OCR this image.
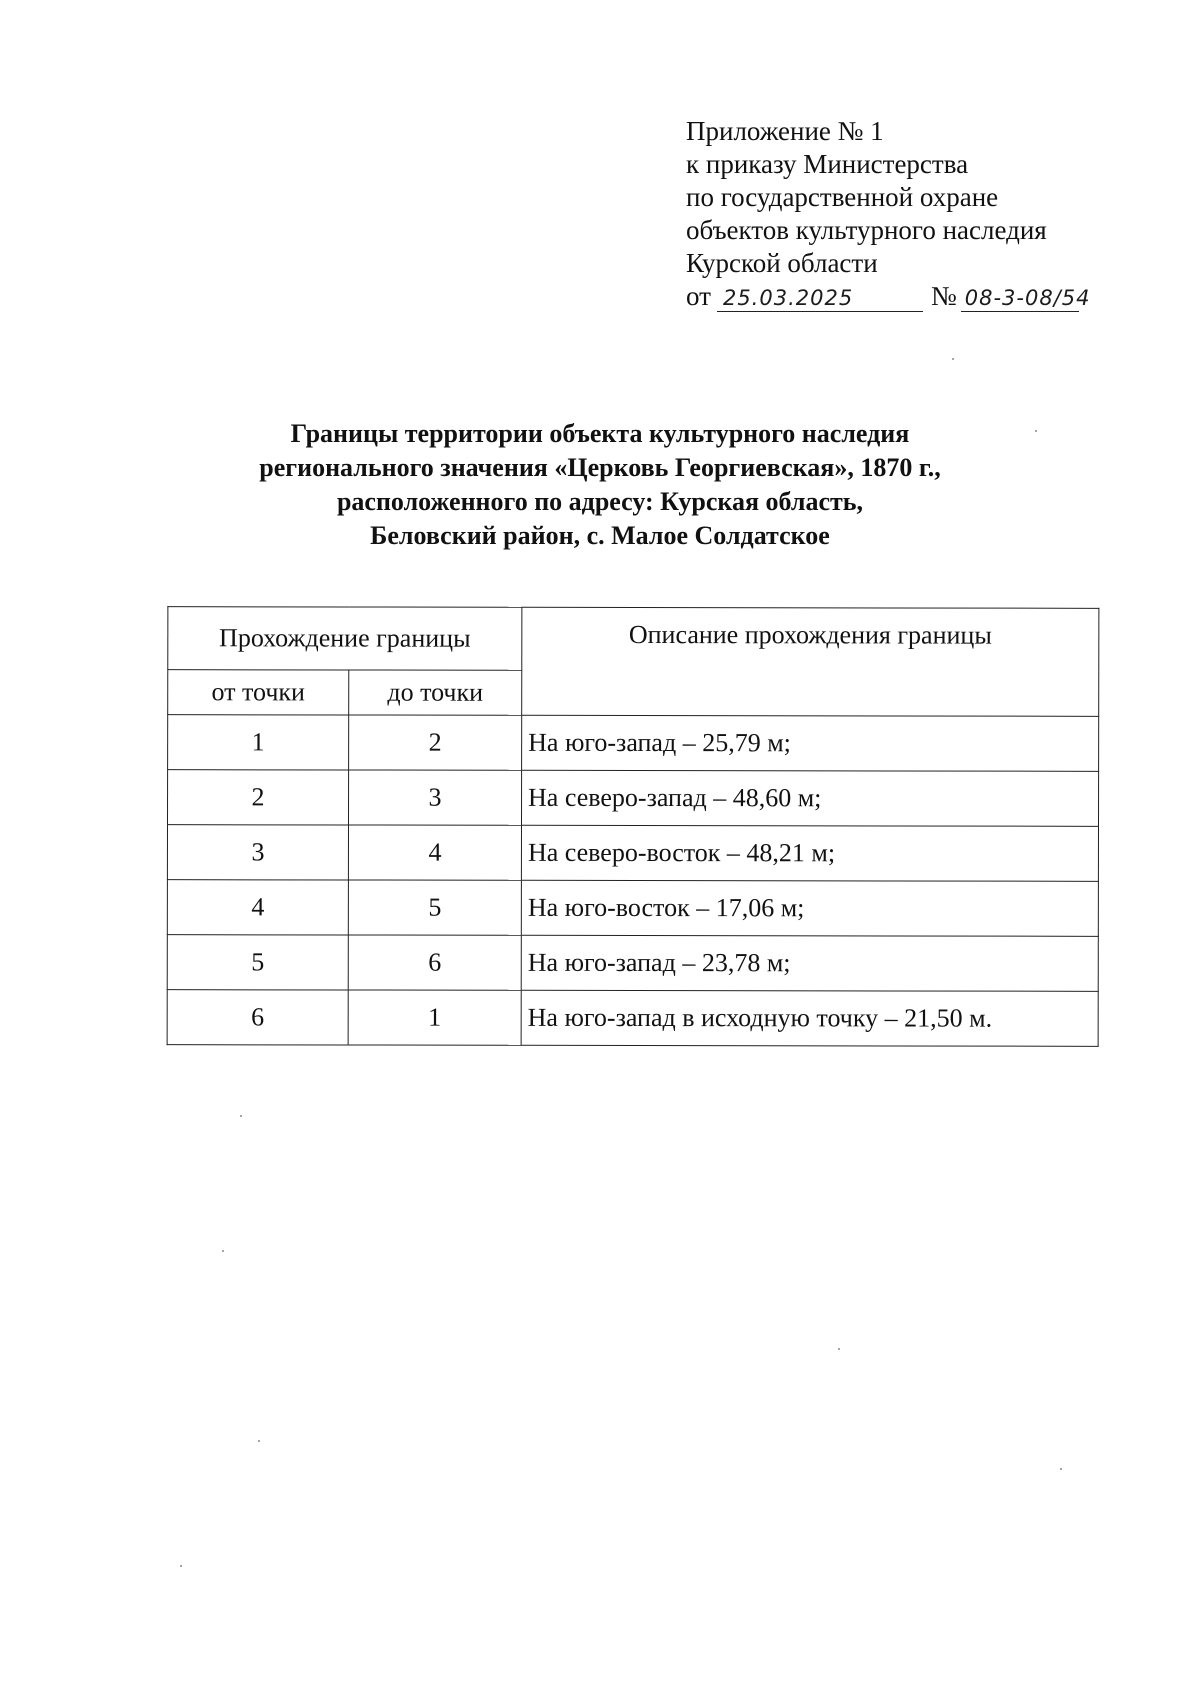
Приложение № 1
к приказу Министерства
по государственной охране
объектов культурного наследия
Курской области
от 25.03.2025	№ 08-3-08/54
Границы территории объекта культурного наследия
регионального значения «Церковь Георгиевская», 1870 г.,
расположенного по адресу: Курская область,
Беловский район, с. Малое Солдатское
Прохождение границы		Описание прохождения границы
от точки	до точки	
1	2	На юго-запад – 25,79 м;
2	3	На северо-запад – 48,60 м;
3	4	На северо-восток – 48,21 м;
4	5	На юго-восток – 17,06 м;
5	6	На юго-запад – 23,78 м;
6	1	На юго-запад в исходную точку – 21,50 м.
